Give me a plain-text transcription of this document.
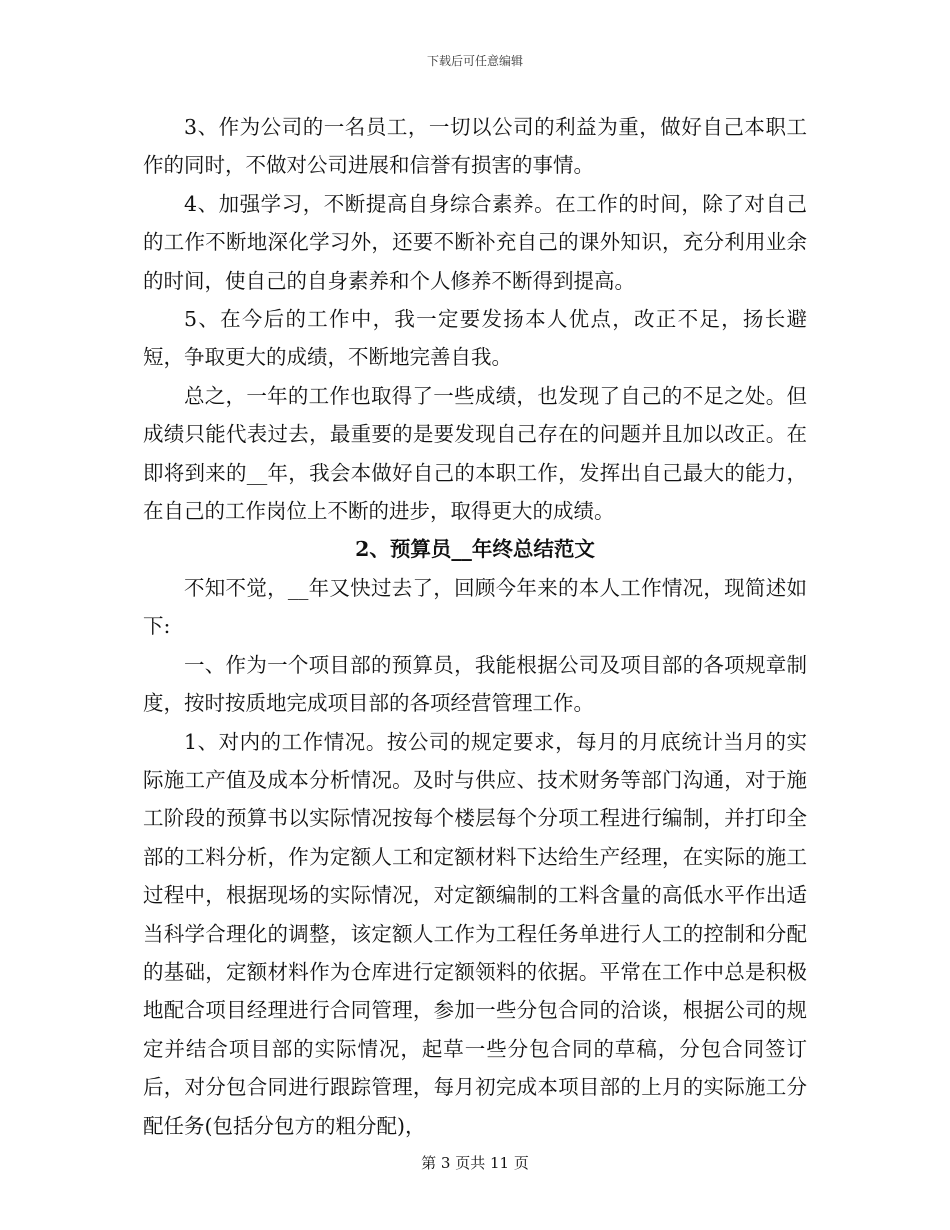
下载后可任意编辑

3、作为公司的一名员工，一切以公司的利益为重，做好自己本职工作的同时，不做对公司进展和信誉有损害的事情。

4、加强学习，不断提高自身综合素养。在工作的时间，除了对自己的工作不断地深化学习外，还要不断补充自己的课外知识，充分利用业余的时间，使自己的自身素养和个人修养不断得到提高。

5、在今后的工作中，我一定要发扬本人优点，改正不足，扬长避短，争取更大的成绩，不断地完善自我。

总之，一年的工作也取得了一些成绩，也发现了自己的不足之处。但成绩只能代表过去，最重要的是要发现自己存在的问题并且加以改正。在即将到来的__年，我会本做好自己的本职工作，发挥出自己最大的能力，在自己的工作岗位上不断的进步，取得更大的成绩。

2、预算员__年终总结范文

不知不觉，__年又快过去了，回顾今年来的本人工作情况，现简述如下:

一、作为一个项目部的预算员，我能根据公司及项目部的各项规章制度，按时按质地完成项目部的各项经营管理工作。

1、对内的工作情况。按公司的规定要求，每月的月底统计当月的实际施工产值及成本分析情况。及时与供应、技术财务等部门沟通，对于施工阶段的预算书以实际情况按每个楼层每个分项工程进行编制，并打印全部的工料分析，作为定额人工和定额材料下达给生产经理，在实际的施工过程中，根据现场的实际情况，对定额编制的工料含量的高低水平作出适当科学合理化的调整，该定额人工作为工程任务单进行人工的控制和分配的基础，定额材料作为仓库进行定额领料的依据。平常在工作中总是积极地配合项目经理进行合同管理，参加一些分包合同的洽谈，根据公司的规定并结合项目部的实际情况，起草一些分包合同的草稿，分包合同签订后，对分包合同进行跟踪管理，每月初完成本项目部的上月的实际施工分配任务(包括分包方的粗分配)，

第 3 页共 11 页
